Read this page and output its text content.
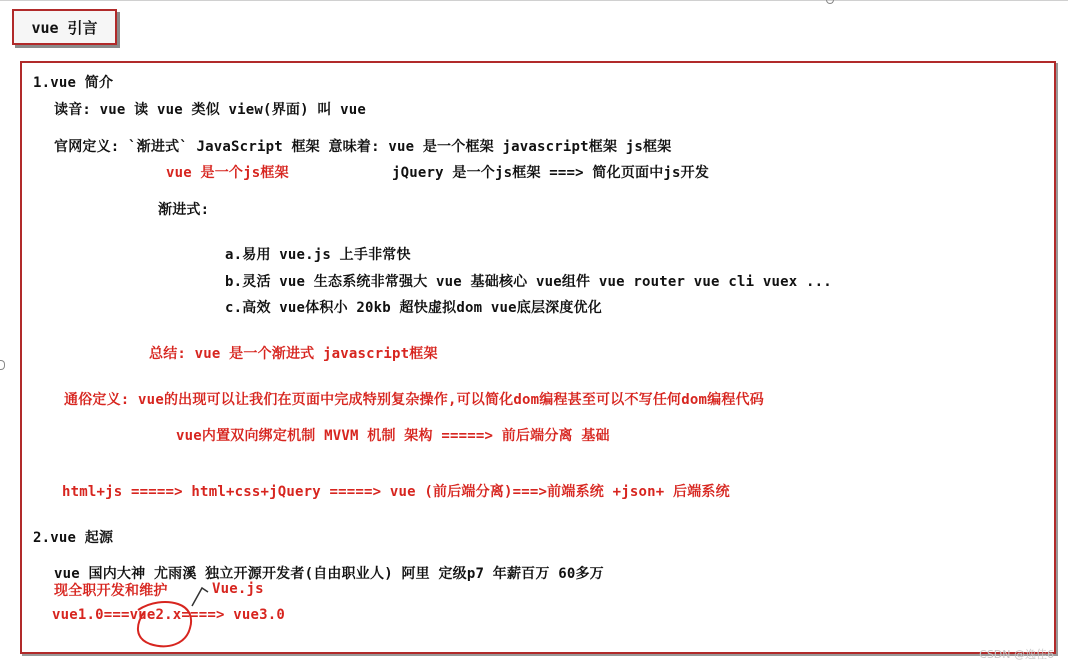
vue 引言
1.vue 简介
读音: vue 读 vue 类似 view(界面) 叫 vue
官网定义: `渐进式` JavaScript 框架 意味着: vue 是一个框架 javascript框架 js框架
vue 是一个js框架	jQuery 是一个js框架 ===> 简化页面中js开发
渐进式:
a.易用 vue.js 上手非常快
b.灵活 vue 生态系统非常强大 vue 基础核心 vue组件 vue router vue cli vuex ...
c.高效 vue体积小 20kb 超快虚拟dom vue底层深度优化
总结: vue 是一个渐进式 javascript框架
通俗定义: vue的出现可以让我们在页面中完成特别复杂操作,可以简化dom编程甚至可以不写任何dom编程代码
vue内置双向绑定机制 MVVM 机制 架构 =====> 前后端分离 基础
html+js =====> html+css+jQuery =====> vue (前后端分离)===>前端系统 +json+ 后端系统
2.vue 起源
vue 国内大神 尤雨溪 独立开源开发者(自由职业人) 阿里 定级p7 年薪百万 60多万
现全职开发和维护	Vue.js
vue1.0===vue2.x====> vue3.0
CSDN @逸佳6
